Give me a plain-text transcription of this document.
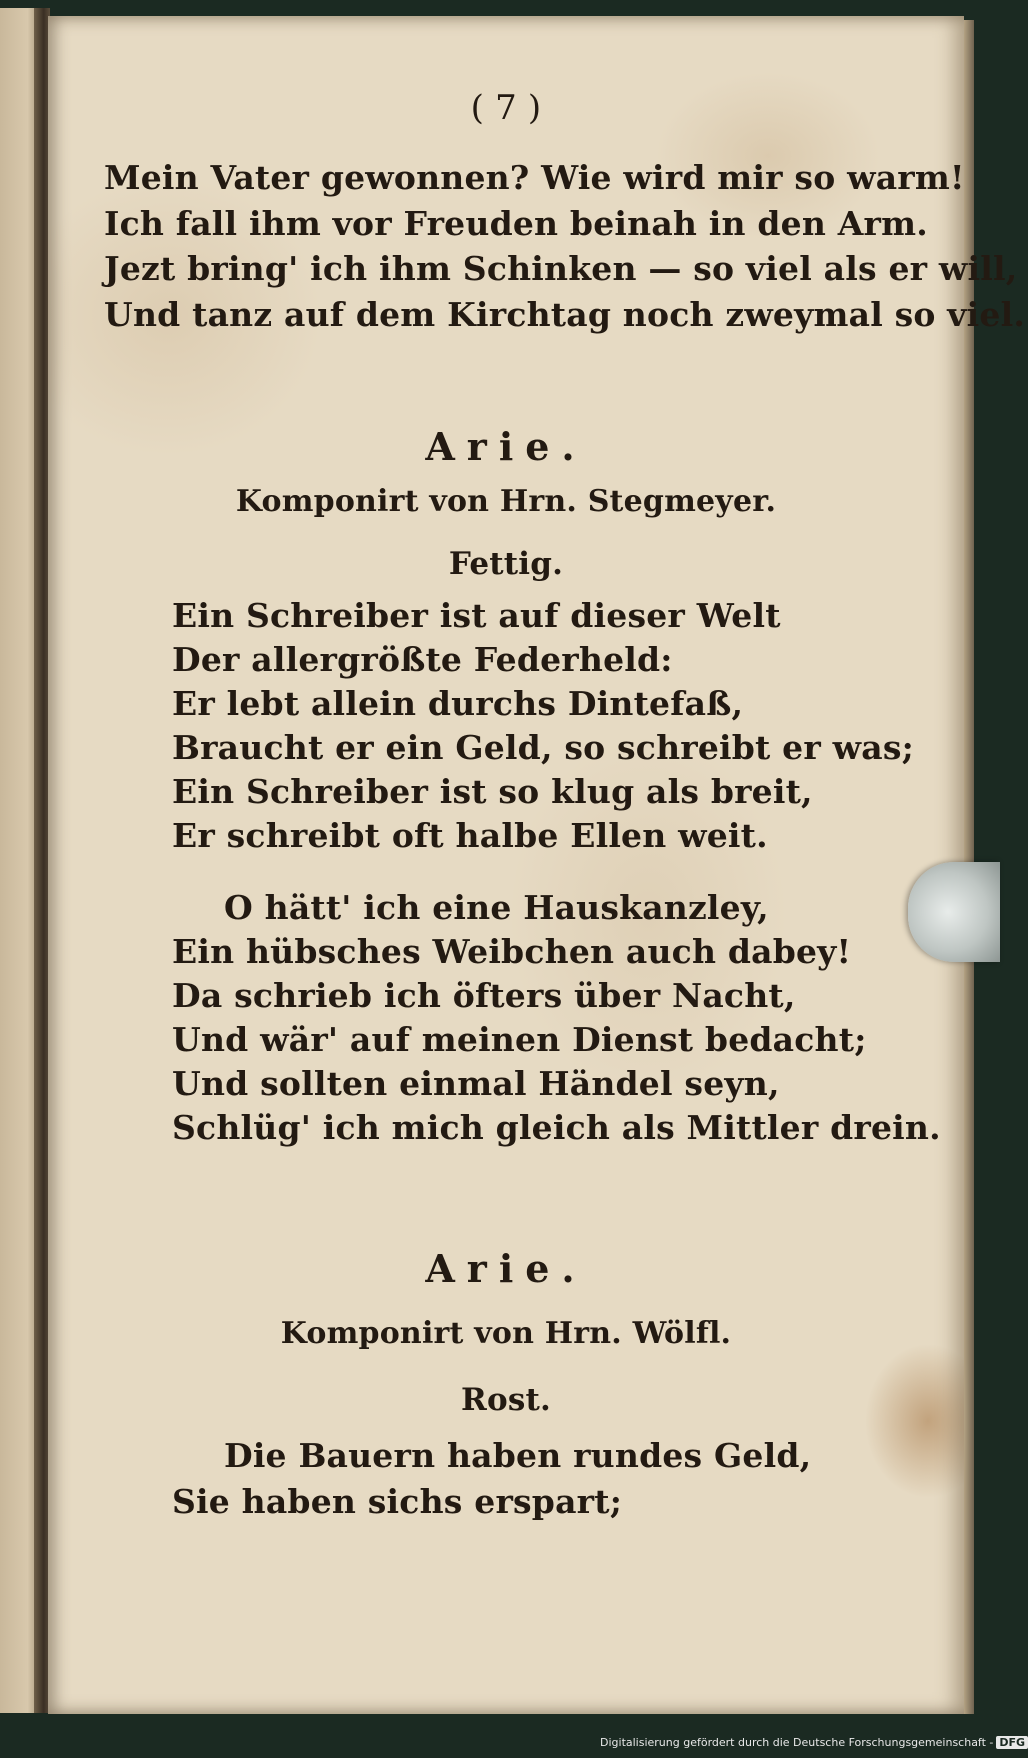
( 7 )
Mein Vater gewonnen? Wie wird mir so warm!
Ich fall ihm vor Freuden beinah in den Arm.
Jezt bring' ich ihm Schinken — so viel als er will,
Und tanz auf dem Kirchtag noch zweymal so viel.
Arie.
Komponirt von Hrn. Stegmeyer.
Fettig.
Ein Schreiber ist auf dieser Welt
Der allergrößte Federheld:
Er lebt allein durchs Dintefaß,
Braucht er ein Geld, so schreibt er was;
Ein Schreiber ist so klug als breit,
Er schreibt oft halbe Ellen weit.
O hätt' ich eine Hauskanzley,
Ein hübsches Weibchen auch dabey!
Da schrieb ich öfters über Nacht,
Und wär' auf meinen Dienst bedacht;
Und sollten einmal Händel seyn,
Schlüg' ich mich gleich als Mittler drein.
Arie.
Komponirt von Hrn. Wölfl.
Rost.
Die Bauern haben rundes Geld,
Sie haben sichs erspart;
Digitalisierung gefördert durch die Deutsche Forschungsgemeinschaft - DFG
